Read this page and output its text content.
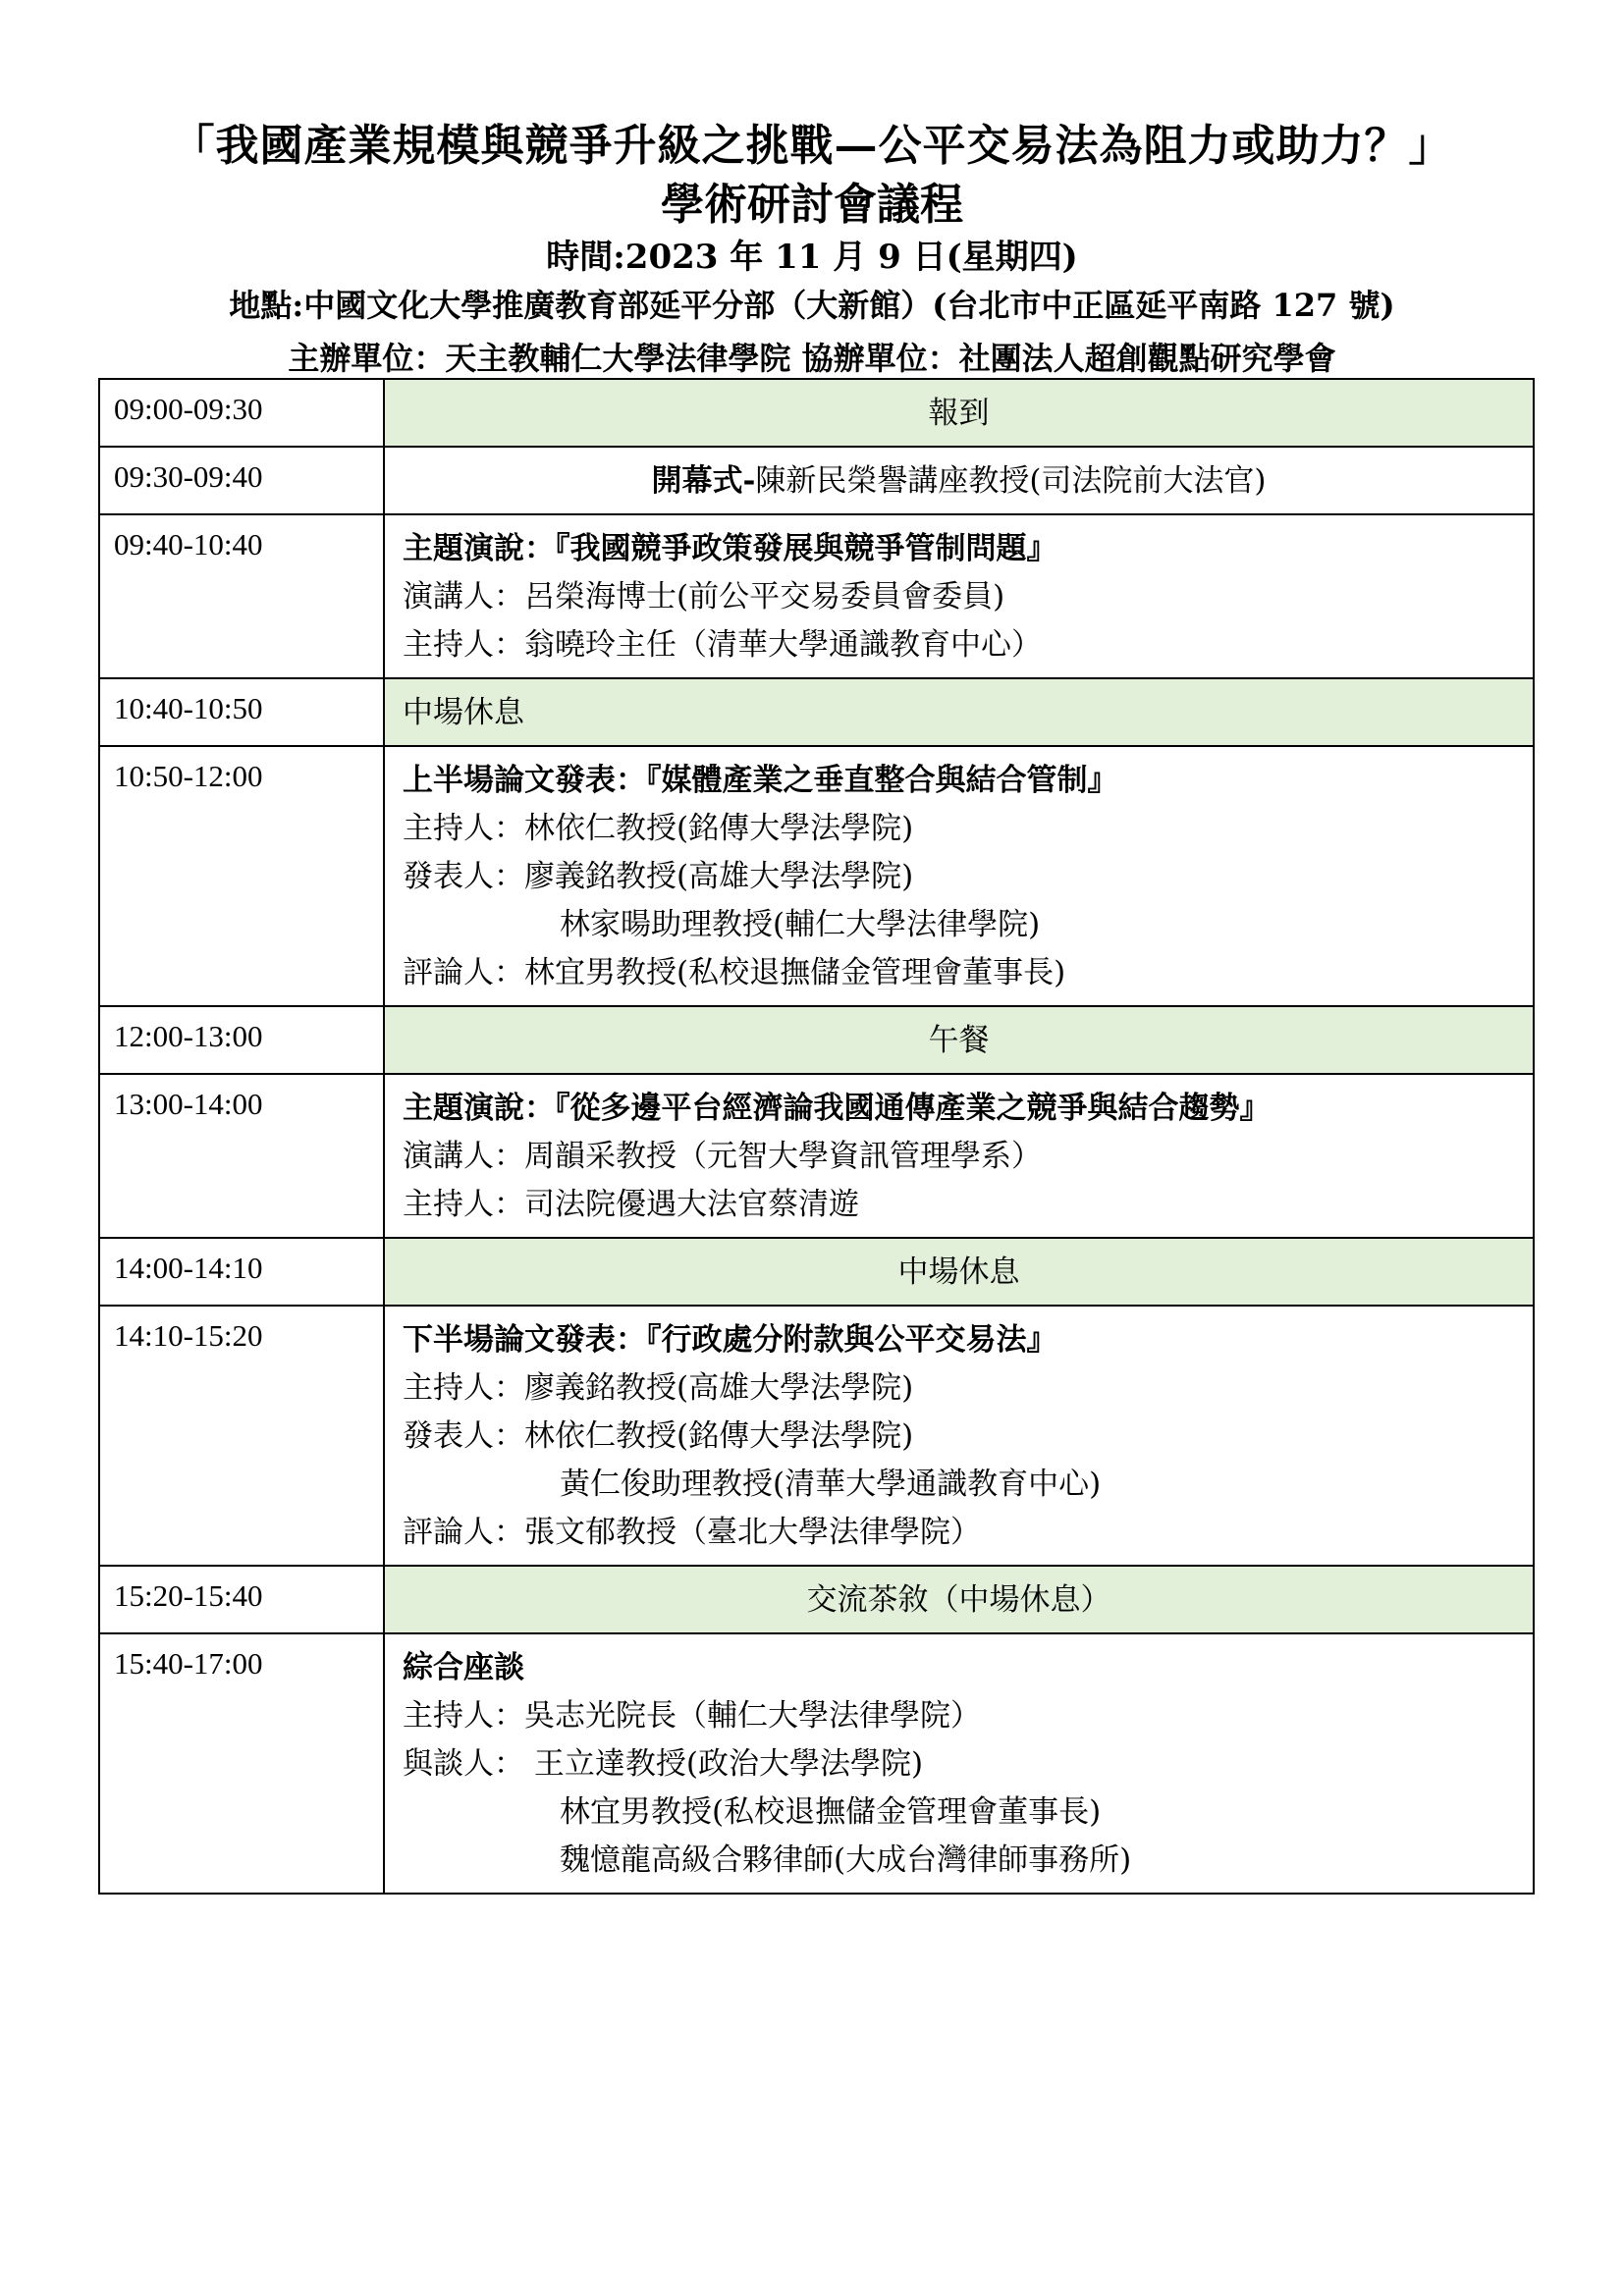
「我國產業規模與競爭升級之挑戰—公平交易法為阻力或助力？」
學術研討會議程
時間:2023 年 11 月 9 日(星期四)
地點:中國文化大學推廣教育部延平分部（大新館）(台北市中正區延平南路 127 號)
主辦單位：天主教輔仁大學法律學院 協辦單位：社團法人超創觀點研究學會
09:00-09:30	報到

09:30-09:40	開幕式-陳新民榮譽講座教授(司法院前大法官)

09:40-10:40	主題演說：『我國競爭政策發展與競爭管制問題』
演講人：呂榮海博士(前公平交易委員會委員)
主持人：翁曉玲主任（清華大學通識教育中心）

10:40-10:50	中場休息

10:50-12:00	上半場論文發表：『媒體產業之垂直整合與結合管制』
主持人：林依仁教授(銘傳大學法學院)
發表人：廖義銘教授(高雄大學法學院)
林家暘助理教授(輔仁大學法律學院)
評論人：林宜男教授(私校退撫儲金管理會董事長)

12:00-13:00	午餐

13:00-14:00	主題演說：『從多邊平台經濟論我國通傳產業之競爭與結合趨勢』
演講人：周韻采教授（元智大學資訊管理學系）
主持人：司法院優遇大法官蔡清遊

14:00-14:10	中場休息

14:10-15:20	下半場論文發表：『行政處分附款與公平交易法』
主持人：廖義銘教授(高雄大學法學院)
發表人：林依仁教授(銘傳大學法學院)
黃仁俊助理教授(清華大學通識教育中心)
評論人：張文郁教授（臺北大學法律學院）

15:20-15:40	交流茶敘（中場休息）

15:40-17:00	綜合座談
主持人：吳志光院長（輔仁大學法律學院）
與談人： 王立達教授(政治大學法學院)
林宜男教授(私校退撫儲金管理會董事長)
魏憶龍高級合夥律師(大成台灣律師事務所)
